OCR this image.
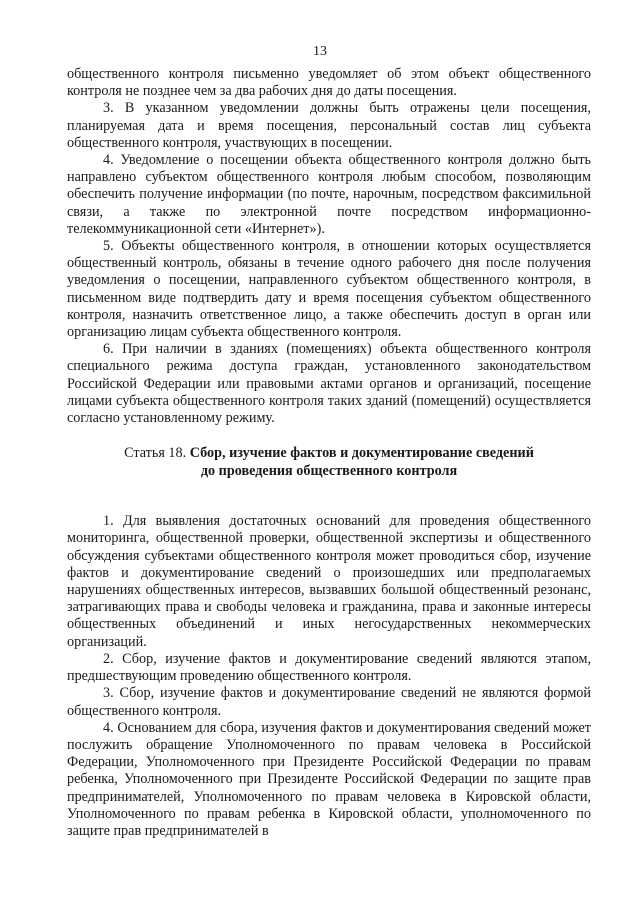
13

общественного контроля письменно уведомляет об этом объект общественного контроля не позднее чем за два рабочих дня до даты посещения.

3. В указанном уведомлении должны быть отражены цели посещения, планируемая дата и время посещения, персональный состав лиц субъекта общественного контроля, участвующих в посещении.

4. Уведомление о посещении объекта общественного контроля должно быть направлено субъектом общественного контроля любым способом, позволяющим обеспечить получение информации (по почте, нарочным, посредством факсимильной связи, а также по электронной почте посредством информационно-телекоммуникационной сети «Интернет»).

5. Объекты общественного контроля, в отношении которых осуществляется общественный контроль, обязаны в течение одного рабочего дня после получения уведомления о посещении, направленного субъектом общественного контроля, в письменном виде подтвердить дату и время посещения субъектом общественного контроля, назначить ответственное лицо, а также обеспечить доступ в орган или организацию лицам субъекта общественного контроля.

6. При наличии в зданиях (помещениях) объекта общественного контроля специального режима доступа граждан, установленного законодательством Российской Федерации или правовыми актами органов и организаций, посещение лицами субъекта общественного контроля таких зданий (помещений) осуществляется согласно установленному режиму.

Статья 18. Сбор, изучение фактов и документирование сведений
до проведения общественного контроля

1. Для выявления достаточных оснований для проведения общественного мониторинга, общественной проверки, общественной экспертизы и общественного обсуждения субъектами общественного контроля может проводиться сбор, изучение фактов и документирование сведений о произошедших или предполагаемых нарушениях общественных интересов, вызвавших большой общественный резонанс, затрагивающих права и свободы человека и гражданина, права и законные интересы общественных объединений и иных негосударственных некоммерческих организаций.

2. Сбор, изучение фактов и документирование сведений являются этапом, предшествующим проведению общественного контроля.

3. Сбор, изучение фактов и документирование сведений не являются формой общественного контроля.

4. Основанием для сбора, изучения фактов и документирования сведений может послужить обращение Уполномоченного по правам человека в Российской Федерации, Уполномоченного при Президенте Российской Федерации по правам ребенка, Уполномоченного при Президенте Российской Федерации по защите прав предпринимателей, Уполномоченного по правам человека в Кировской области, Уполномоченного по правам ребенка в Кировской области, уполномоченного по защите прав предпринимателей в
